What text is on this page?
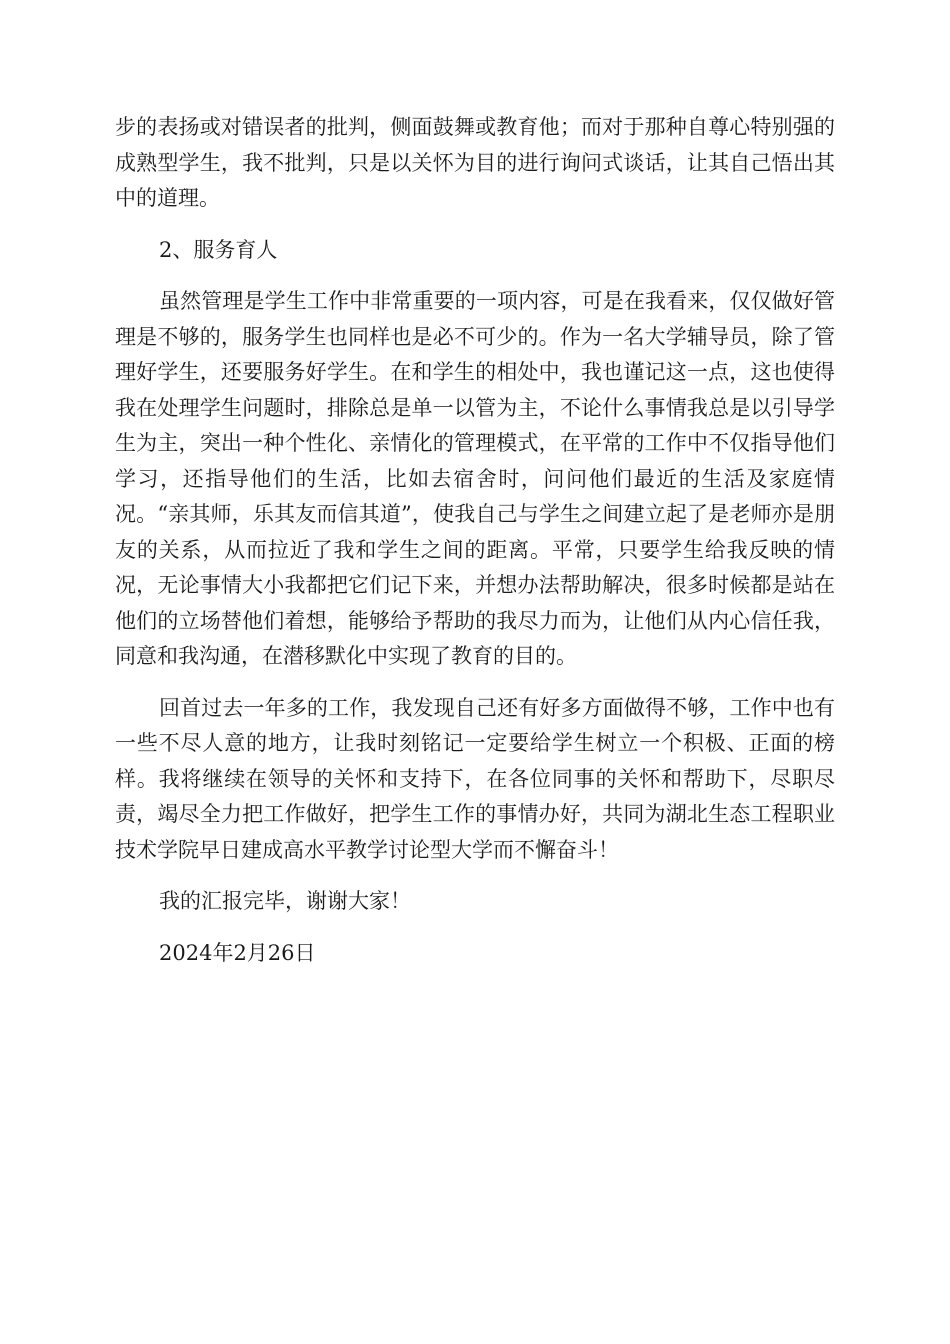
步的表扬或对错误者的批判，侧面鼓舞或教育他；而对于那种自尊心特别强的成熟型学生，我不批判，只是以关怀为目的进行询问式谈话，让其自己悟出其中的道理。

2、服务育人

虽然管理是学生工作中非常重要的一项内容，可是在我看来，仅仅做好管理是不够的，服务学生也同样也是必不可少的。作为一名大学辅导员，除了管理好学生，还要服务好学生。在和学生的相处中，我也谨记这一点，这也使得我在处理学生问题时，排除总是单一以管为主，不论什么事情我总是以引导学生为主，突出一种个性化、亲情化的管理模式，在平常的工作中不仅指导他们学习，还指导他们的生活，比如去宿舍时，问问他们最近的生活及家庭情况。“亲其师，乐其友而信其道”，使我自己与学生之间建立起了是老师亦是朋友的关系，从而拉近了我和学生之间的距离。平常，只要学生给我反映的情况，无论事情大小我都把它们记下来，并想办法帮助解决，很多时候都是站在他们的立场替他们着想，能够给予帮助的我尽力而为，让他们从内心信任我，同意和我沟通，在潜移默化中实现了教育的目的。

回首过去一年多的工作，我发现自己还有好多方面做得不够，工作中也有一些不尽人意的地方，让我时刻铭记一定要给学生树立一个积极、正面的榜样。我将继续在领导的关怀和支持下，在各位同事的关怀和帮助下，尽职尽责，竭尽全力把工作做好，把学生工作的事情办好，共同为湖北生态工程职业技术学院早日建成高水平教学讨论型大学而不懈奋斗！

我的汇报完毕，谢谢大家！

2024年2月26日
